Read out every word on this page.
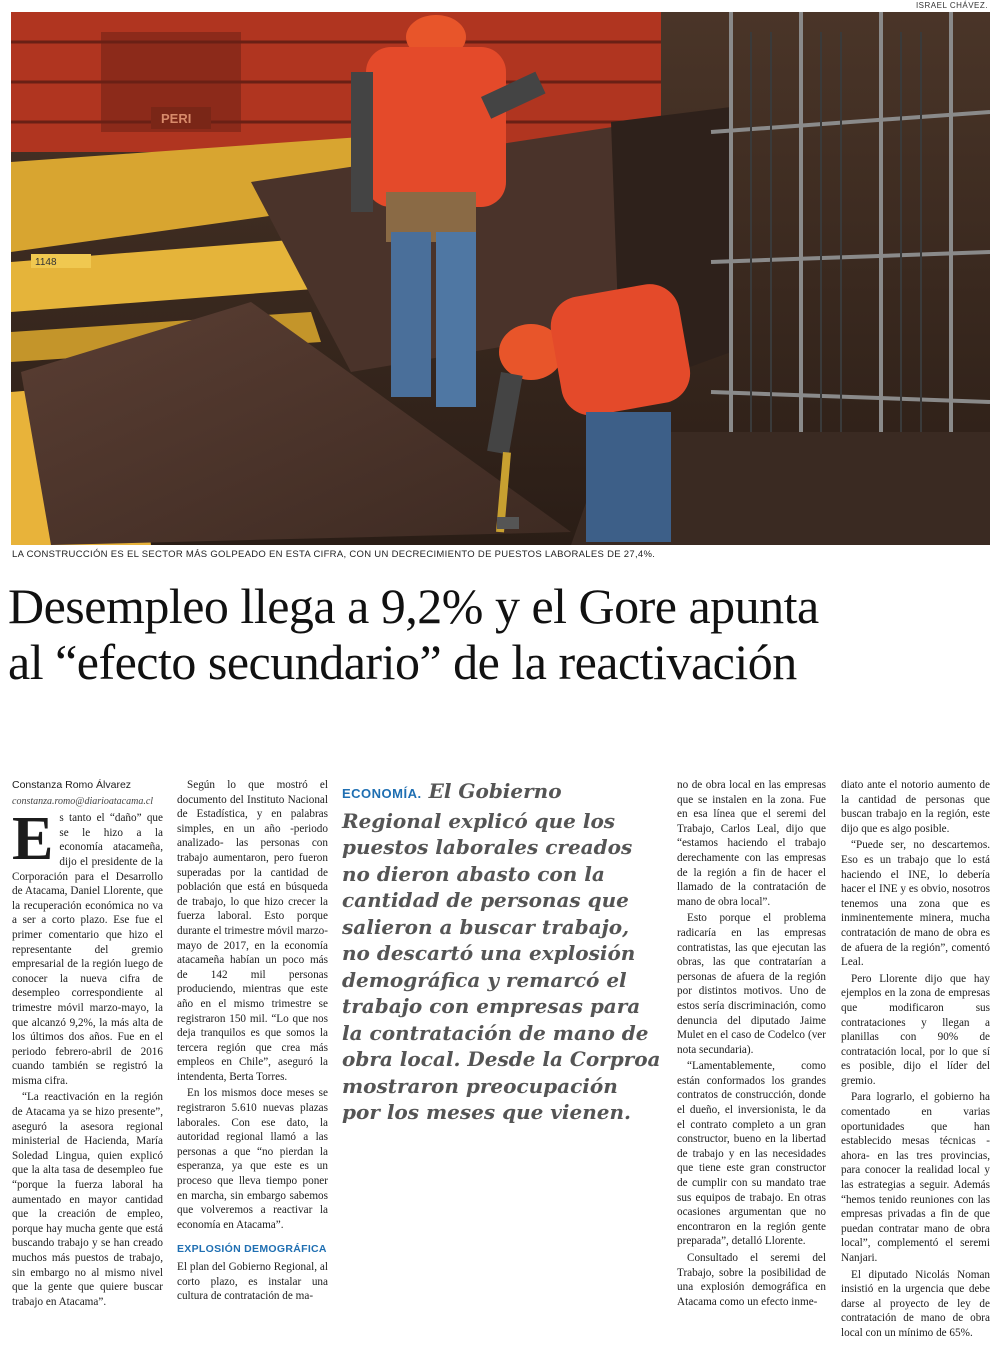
ISRAEL CHÁVEZ.
PERI
1148
LA CONSTRUCCIÓN ES EL SECTOR MÁS GOLPEADO EN ESTA CIFRA, CON UN DECRECIMIENTO DE PUESTOS LABORALES DE 27,4%.
Desempleo llega a 9,2% y el Gore apunta
al “efecto secundario” de la reactivación

Constanza Romo Álvarez

constanza.romo@diarioatacama.cl

Es tanto el “daño” que se le hizo a la economía atacameña, dijo el presidente de la Corporación para el Desarrollo de Atacama, Daniel Llorente, que la recuperación económica no va a ser a corto plazo. Ese fue el primer comentario que hizo el representante del gremio empresarial de la región luego de conocer la nueva cifra de desempleo correspondiente al trimestre móvil marzo-mayo, la que alcanzó 9,2%, la más alta de los últimos dos años. Fue en el periodo febrero-abril de 2016 cuando también se registró la misma cifra.

“La reactivación en la región de Atacama ya se hizo presente”, aseguró la asesora regional ministerial de Hacienda, María Soledad Lingua, quien explicó que la alta tasa de desempleo fue “porque la fuerza laboral ha aumentado en mayor cantidad que la creación de empleo, porque hay mucha gente que está buscando trabajo y se han creado muchos más puestos de trabajo, sin embargo no al mismo nivel que la gente que quiere buscar trabajo en Atacama”.

Según lo que mostró el documento del Instituto Nacional de Estadística, y en palabras simples, en un año -periodo analizado- las personas con trabajo aumentaron, pero fueron superadas por la cantidad de población que está en búsqueda de trabajo, lo que hizo crecer la fuerza laboral. Esto porque durante el trimestre móvil marzo-mayo de 2017, en la economía atacameña habían un poco más de 142 mil personas produciendo, mientras que este año en el mismo trimestre se registraron 150 mil. “Lo que nos deja tranquilos es que somos la tercera región que crea más empleos en Chile”, aseguró la intendenta, Berta Torres.

En los mismos doce meses se registraron 5.610 nuevas plazas laborales. Con ese dato, la autoridad regional llamó a las personas a que “no pierdan la esperanza, ya que este es un proceso que lleva tiempo poner en marcha, sin embargo sabemos que volveremos a reactivar la economía en Atacama”.

EXPLOSIÓN DEMOGRÁFICA

El plan del Gobierno Regional, al corto plazo, es instalar una cultura de contratación de ma-

ECONOMÍA. El Gobierno Regional explicó que los puestos laborales creados no dieron abasto con la cantidad de personas que salieron a buscar trabajo, no descartó una explosión demográfica y remarcó el trabajo con empresas para la contratación de mano de obra local. Desde la Corproa mostraron preocupación por los meses que vienen.

no de obra local en las empresas que se instalen en la zona. Fue en esa línea que el seremi del Trabajo, Carlos Leal, dijo que “estamos haciendo el trabajo derechamente con las empresas de la región a fin de hacer el llamado de la contratación de mano de obra local”.

Esto porque el problema radicaría en las empresas contratistas, las que ejecutan las obras, las que contratarían a personas de afuera de la región por distintos motivos. Uno de estos sería discriminación, como denuncia del diputado Jaime Mulet en el caso de Codelco (ver nota secundaria).

“Lamentablemente, como están conformados los grandes contratos de construcción, donde el dueño, el inversionista, le da el contrato completo a un gran constructor, bueno en la libertad de trabajo y en las necesidades que tiene este gran constructor de cumplir con su mandato trae sus equipos de trabajo. En otras ocasiones argumentan que no encontraron en la región gente preparada”, detalló Llorente.

Consultado el seremi del Trabajo, sobre la posibilidad de una explosión demográfica en Atacama como un efecto inme-

diato ante el notorio aumento de la cantidad de personas que buscan trabajo en la región, este dijo que es algo posible.

“Puede ser, no descartemos. Eso es un trabajo que lo está haciendo el INE, lo debería hacer el INE y es obvio, nosotros tenemos una zona que es inminentemente minera, mucha contratación de mano de obra es de afuera de la región”, comentó Leal.

Pero Llorente dijo que hay ejemplos en la zona de empresas que modificaron sus contrataciones y llegan a planillas con 90% de contratación local, por lo que sí es posible, dijo el líder del gremio.

Para lograrlo, el gobierno ha comentado en varias oportunidades que han establecido mesas técnicas -ahora- en las tres provincias, para conocer la realidad local y las estrategias a seguir. Además “hemos tenido reuniones con las empresas privadas a fin de que puedan contratar mano de obra local”, complementó el seremi Nanjari.

El diputado Nicolás Noman insistió en la urgencia que debe darse al proyecto de ley de contratación de mano de obra local con un mínimo de 65%.
